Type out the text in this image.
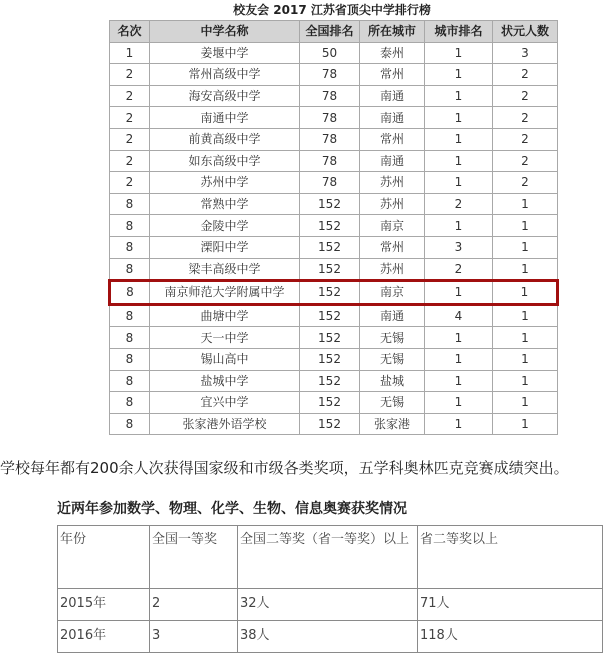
校友会 2017 江苏省顶尖中学排行榜
名次	中学名称	全国排名	所在城市	城市排名	状元人数
1	姜堰中学	50	泰州	1	3
2	常州高级中学	78	常州	1	2
2	海安高级中学	78	南通	1	2
2	南通中学	78	南通	1	2
2	前黄高级中学	78	常州	1	2
2	如东高级中学	78	南通	1	2
2	苏州中学	78	苏州	1	2
8	常熟中学	152	苏州	2	1
8	金陵中学	152	南京	1	1
8	溧阳中学	152	常州	3	1
8	梁丰高级中学	152	苏州	2	1
8	南京师范大学附属中学	152	南京	1	1
8	曲塘中学	152	南通	4	1
8	天一中学	152	无锡	1	1
8	锡山高中	152	无锡	1	1
8	盐城中学	152	盐城	1	1
8	宜兴中学	152	无锡	1	1
8	张家港外语学校	152	张家港	1	1
学校每年都有200余人次获得国家级和市级各类奖项，五学科奥林匹克竞赛成绩突出。
近两年参加数学、物理、化学、生物、信息奥赛获奖情况
年份	全国一等奖	全国二等奖（省一等奖）以上	省二等奖以上
2015年	2	32人	71人
2016年	3	38人	118人
